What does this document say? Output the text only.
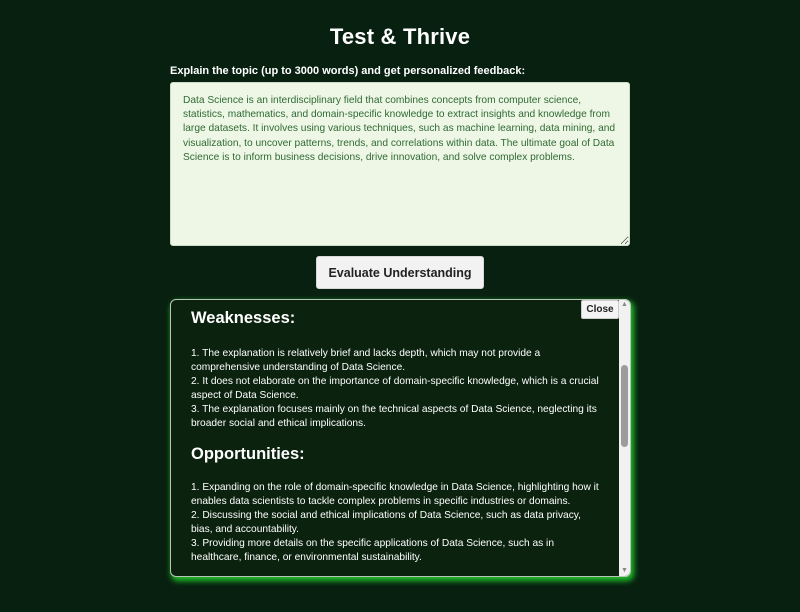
Test & Thrive
Explain the topic (up to 3000 words) and get personalized feedback:
Data Science is an interdisciplinary field that combines concepts from computer science, statistics, mathematics, and domain-specific knowledge to extract insights and knowledge from large datasets. It involves using various techniques, such as machine learning, data mining, and visualization, to uncover patterns, trends, and correlations within data. The ultimate goal of Data Science is to inform business decisions, drive innovation, and solve complex problems.
Evaluate Understanding
Weaknesses:
1. The explanation is relatively brief and lacks depth, which may not provide a comprehensive understanding of Data Science.
2. It does not elaborate on the importance of domain-specific knowledge, which is a crucial aspect of Data Science.
3. The explanation focuses mainly on the technical aspects of Data Science, neglecting its broader social and ethical implications.
Opportunities:
1. Expanding on the role of domain-specific knowledge in Data Science, highlighting how it enables data scientists to tackle complex problems in specific industries or domains.
2. Discussing the social and ethical implications of Data Science, such as data privacy, bias, and accountability.
3. Providing more details on the specific applications of Data Science, such as in healthcare, finance, or environmental sustainability.
Close	▲
▼
